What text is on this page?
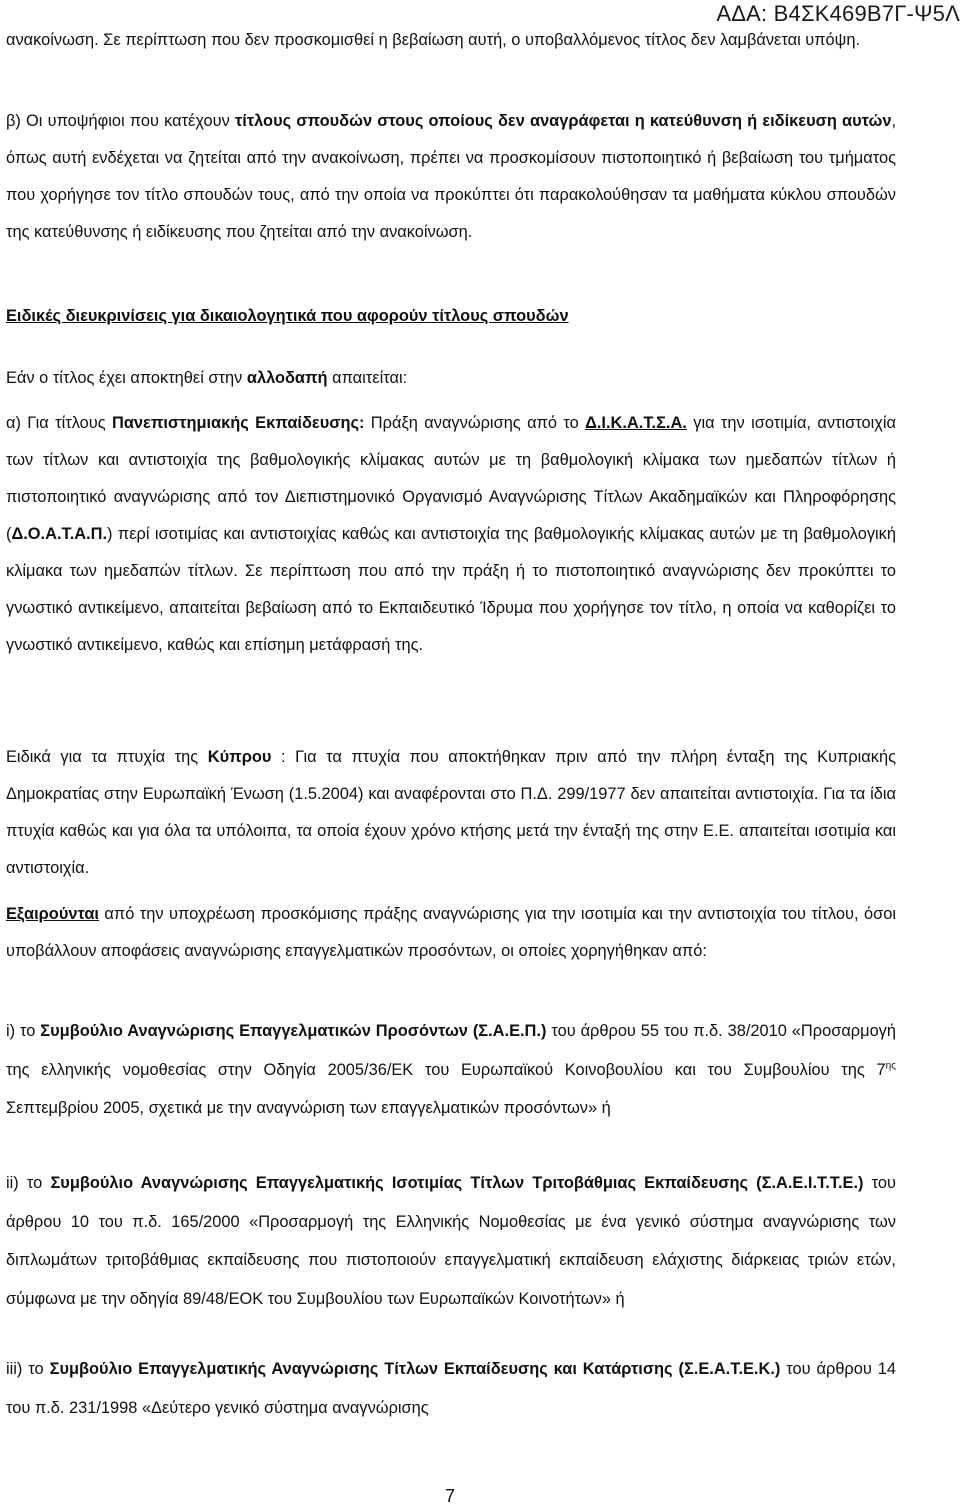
ΑΔΑ: Β4ΣΚ469Β7Γ-Ψ5Λ

ανακοίνωση. Σε περίπτωση που δεν προσκομισθεί η βεβαίωση αυτή, ο υποβαλλόμενος τίτλος δεν λαμβάνεται υπόψη.

β) Οι υποψήφιοι που κατέχουν τίτλους σπουδών στους οποίους δεν αναγράφεται η κατεύθυνση ή ειδίκευση αυτών, όπως αυτή ενδέχεται να ζητείται από την ανακοίνωση, πρέπει να προσκομίσουν πιστοποιητικό ή βεβαίωση του τμήματος που χορήγησε τον τίτλο σπουδών τους, από την οποία να προκύπτει ότι παρακολούθησαν τα μαθήματα κύκλου σπουδών της κατεύθυνσης ή ειδίκευσης που ζητείται από την ανακοίνωση.

Ειδικές διευκρινίσεις για δικαιολογητικά που αφορούν τίτλους σπουδών

Εάν ο τίτλος έχει αποκτηθεί στην αλλοδαπή απαιτείται:

α) Για τίτλους Πανεπιστημιακής Εκπαίδευσης: Πράξη αναγνώρισης από το Δ.Ι.Κ.Α.Τ.Σ.Α. για την ισοτιμία, αντιστοιχία των τίτλων και αντιστοιχία της βαθμολογικής κλίμακας αυτών με τη βαθμολογική κλίμακα των ημεδαπών τίτλων ή πιστοποιητικό αναγνώρισης από τον Διεπιστημονικό Οργανισμό Αναγνώρισης Τίτλων Ακαδημαϊκών και Πληροφόρησης (Δ.Ο.Α.Τ.Α.Π.) περί ισοτιμίας και αντιστοιχίας καθώς και αντιστοιχία της βαθμολογικής κλίμακας αυτών με τη βαθμολογική κλίμακα των ημεδαπών τίτλων. Σε περίπτωση που από την πράξη ή το πιστοποιητικό αναγνώρισης δεν προκύπτει το γνωστικό αντικείμενο, απαιτείται βεβαίωση από το Εκπαιδευτικό Ίδρυμα που χορήγησε τον τίτλο, η οποία να καθορίζει το γνωστικό αντικείμενο, καθώς και επίσημη μετάφρασή της.

Ειδικά για τα πτυχία της Κύπρου : Για τα πτυχία που αποκτήθηκαν πριν από την πλήρη ένταξη της Κυπριακής Δημοκρατίας στην Ευρωπαϊκή Ένωση (1.5.2004) και αναφέρονται στο Π.Δ. 299/1977 δεν απαιτείται αντιστοιχία. Για τα ίδια πτυχία καθώς και για όλα τα υπόλοιπα, τα οποία έχουν χρόνο κτήσης μετά την ένταξή της στην Ε.Ε. απαιτείται ισοτιμία και αντιστοιχία.

Εξαιρούνται από την υποχρέωση προσκόμισης πράξης αναγνώρισης για την ισοτιμία και την αντιστοιχία του τίτλου, όσοι υποβάλλουν αποφάσεις αναγνώρισης επαγγελματικών προσόντων, οι οποίες χορηγήθηκαν από:

i) το Συμβούλιο Αναγνώρισης Επαγγελματικών Προσόντων (Σ.Α.Ε.Π.) του άρθρου 55 του π.δ. 38/2010 «Προσαρμογή της ελληνικής νομοθεσίας στην Οδηγία 2005/36/ΕΚ του Ευρωπαϊκού Κοινοβουλίου και του Συμβουλίου της $7^{\eta\varsigma}$ Σεπτεμβρίου 2005, σχετικά με την αναγνώριση των επαγγελματικών προσόντων» ή

ii) το Συμβούλιο Αναγνώρισης Επαγγελματικής Ισοτιμίας Τίτλων Τριτοβάθμιας Εκπαίδευσης (Σ.Α.Ε.Ι.Τ.Τ.Ε.) του άρθρου 10 του π.δ. 165/2000 «Προσαρμογή της Ελληνικής Νομοθεσίας με ένα γενικό σύστημα αναγνώρισης των διπλωμάτων τριτοβάθμιας εκπαίδευσης που πιστοποιούν επαγγελματική εκπαίδευση ελάχιστης διάρκειας τριών ετών, σύμφωνα με την οδηγία 89/48/ΕΟΚ του Συμβουλίου των Ευρωπαϊκών Κοινοτήτων» ή

iii) το Συμβούλιο Επαγγελματικής Αναγνώρισης Τίτλων Εκπαίδευσης και Κατάρτισης (Σ.Ε.Α.Τ.Ε.Κ.) του άρθρου 14 του π.δ. 231/1998 «Δεύτερο γενικό σύστημα αναγνώρισης

7
